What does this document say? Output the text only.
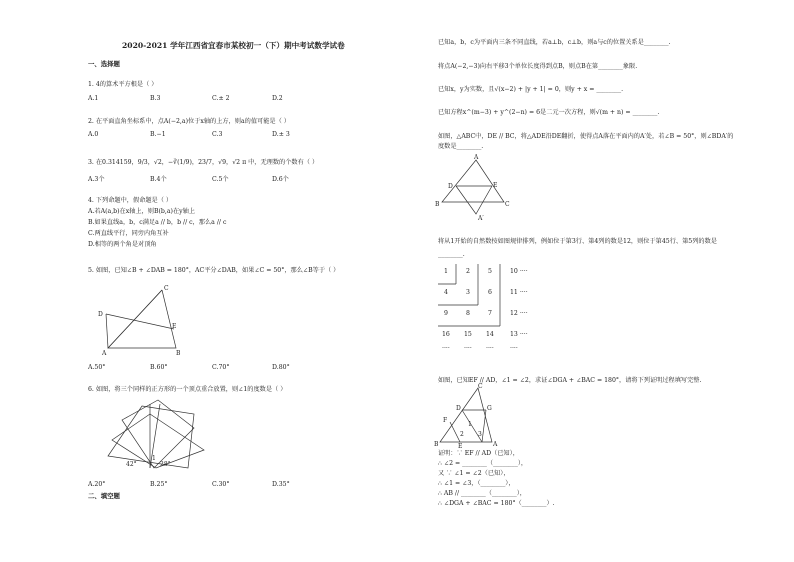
2020-2021 学年江西省宜春市某校初一（下）期中考试数学试卷
一、选择题
1. 4的算术平方根是（ ）
A.1	B.3	C.± 2	D.2
2. 在平面直角坐标系中，点A(−2,a)位于x轴的上方，则a的值可能是（ ）
A.0	B.−1	C.3	D.± 3
3. 在0.314159，9/3，√2，−∛(1/9)，23/7，√9，√2 π 中，无理数的个数有（ ）
A.3个	B.4个	C.5个	D.6个
4. 下列命题中，假命题是（ ）
A.若A(a,b)在x轴上，则B(b,a)在y轴上
B.如果直线a，b，c满足a // b，b // c，那么a // c
C.两直线平行，同旁内角互补
D.相等的两个角是对顶角
5. 如图，已知∠B + ∠DAB = 180°，AC平分∠DAB，如果∠C = 50°，那么∠B等于（ ）
C
D
E
A	B
A.50°	B.60°	C.70°	D.80°
6. 如图，将三个同样的正方形的一个顶点重合放置，则∠1的度数是（ ）
42°
1
28°
A.20°	B.25°	C.30°	D.35°
二、填空题
已知a，b，c为平面内三条不同直线，若a⊥b，c⊥b，则a与c的位置关系是________.
将点A(−2,−3)向右平移3个单位长度得到点B，则点B在第________象限.
已知x，y为实数，且√(x−2) + |y + 1| = 0，则y + x = ________.
已知方程x^(m−3) + y^(2−n) = 6是二元一次方程，则√(m + n) = ________.
如图，△ABC中，DE // BC，将△ADE沿DE翻折，使得点A落在平面内的A′处，若∠B = 50°，则∠BDA′的
度数是________.
A
D	E
B	C
A′
将从1开始的自然数按如图规律排列，例如位于第3行、第4列的数是12，则位于第45行、第5列的数是
________.
1	2	5	10 ····
4	3	6	11 ····
9	8	7	12 ····
16 15 14	13 ····
···· ···· ····	····
如图，已知EF // AD，∠1 = ∠2，求证∠DGA + ∠BAC = 180°，请将下列证明过程填写完整.
C
D	G
F
1
2 3
B	E	A
证明：∵ EF // AD（已知），
∴ ∠2 = ________（________），
又 ∵ ∠1 = ∠2（已知），
∴ ∠1 = ∠3，（________），
∴ AB // ________（________），
∴ ∠DGA + ∠BAC = 180°（________）.
